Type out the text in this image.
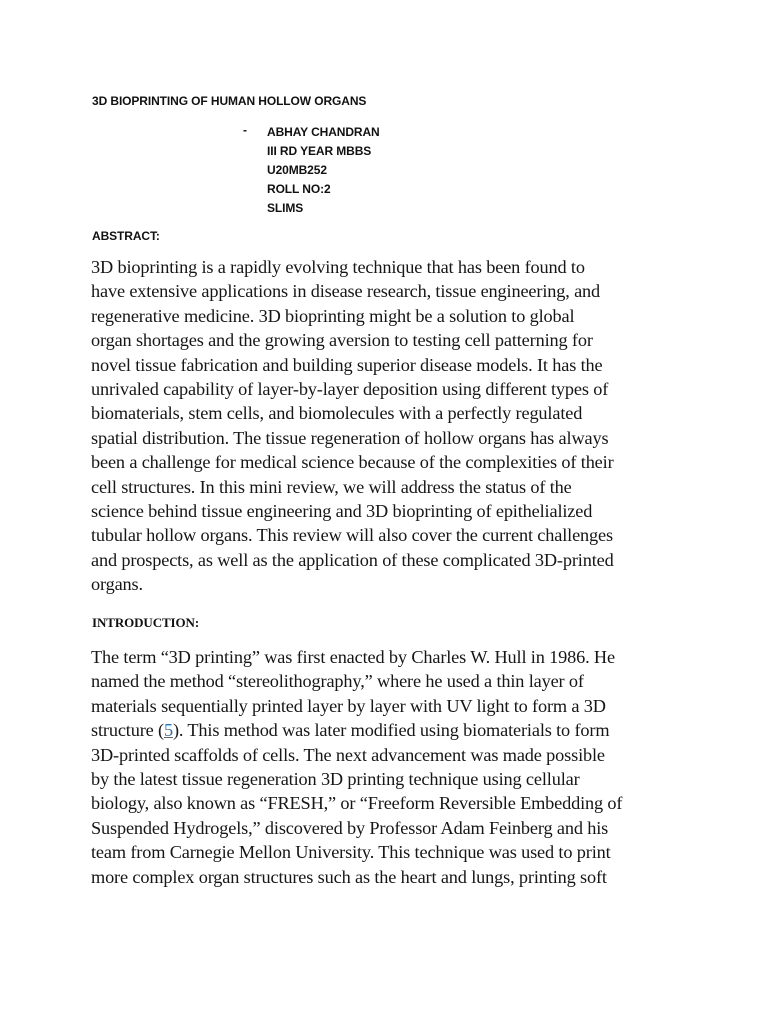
3D BIOPRINTING OF HUMAN HOLLOW ORGANS
- ABHAY CHANDRAN
III RD YEAR MBBS
U20MB252
ROLL NO:2
SLIMS
ABSTRACT:
3D bioprinting is a rapidly evolving technique that has been found to
have extensive applications in disease research, tissue engineering, and
regenerative medicine. 3D bioprinting might be a solution to global
organ shortages and the growing aversion to testing cell patterning for
novel tissue fabrication and building superior disease models. It has the
unrivaled capability of layer-by-layer deposition using different types of
biomaterials, stem cells, and biomolecules with a perfectly regulated
spatial distribution. The tissue regeneration of hollow organs has always
been a challenge for medical science because of the complexities of their
cell structures. In this mini review, we will address the status of the
science behind tissue engineering and 3D bioprinting of epithelialized
tubular hollow organs. This review will also cover the current challenges
and prospects, as well as the application of these complicated 3D-printed
organs.
INTRODUCTION:
The term “3D printing” was first enacted by Charles W. Hull in 1986. He
named the method “stereolithography,” where he used a thin layer of
materials sequentially printed layer by layer with UV light to form a 3D
structure (5). This method was later modified using biomaterials to form
3D-printed scaffolds of cells. The next advancement was made possible
by the latest tissue regeneration 3D printing technique using cellular
biology, also known as “FRESH,” or “Freeform Reversible Embedding of
Suspended Hydrogels,” discovered by Professor Adam Feinberg and his
team from Carnegie Mellon University. This technique was used to print
more complex organ structures such as the heart and lungs, printing soft
